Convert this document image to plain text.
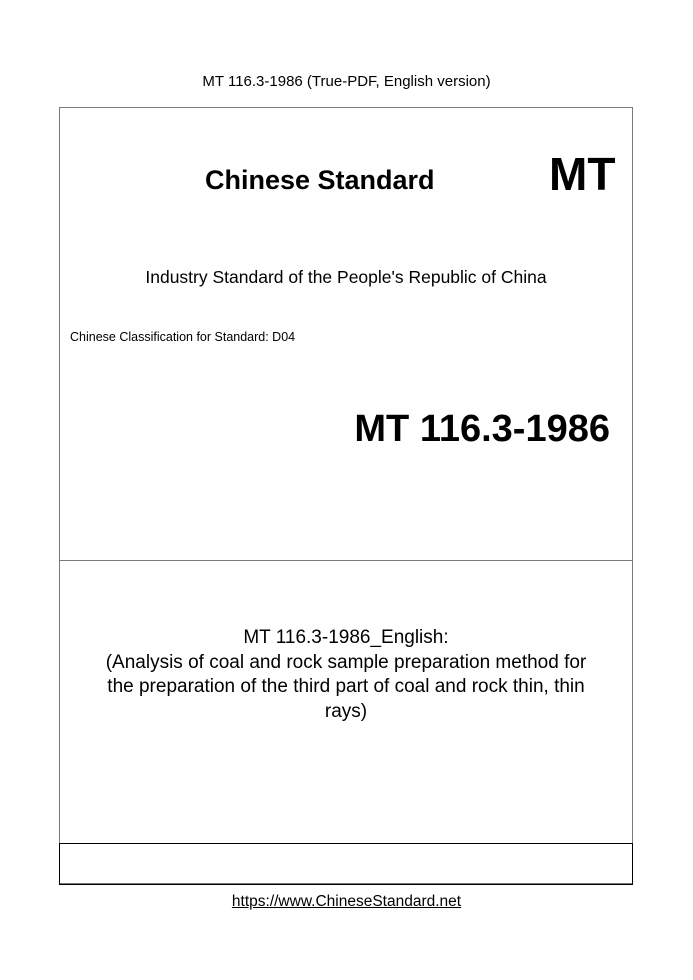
MT 116.3-1986 (True-PDF, English version)
Chinese Standard MT
Industry Standard of the People's Republic of China
Chinese Classification for Standard: D04
MT 116.3-1986
MT 116.3-1986_English:
(Analysis of coal and rock sample preparation method for
the preparation of the third part of coal and rock thin, thin
rays)
https://www.ChineseStandard.net
